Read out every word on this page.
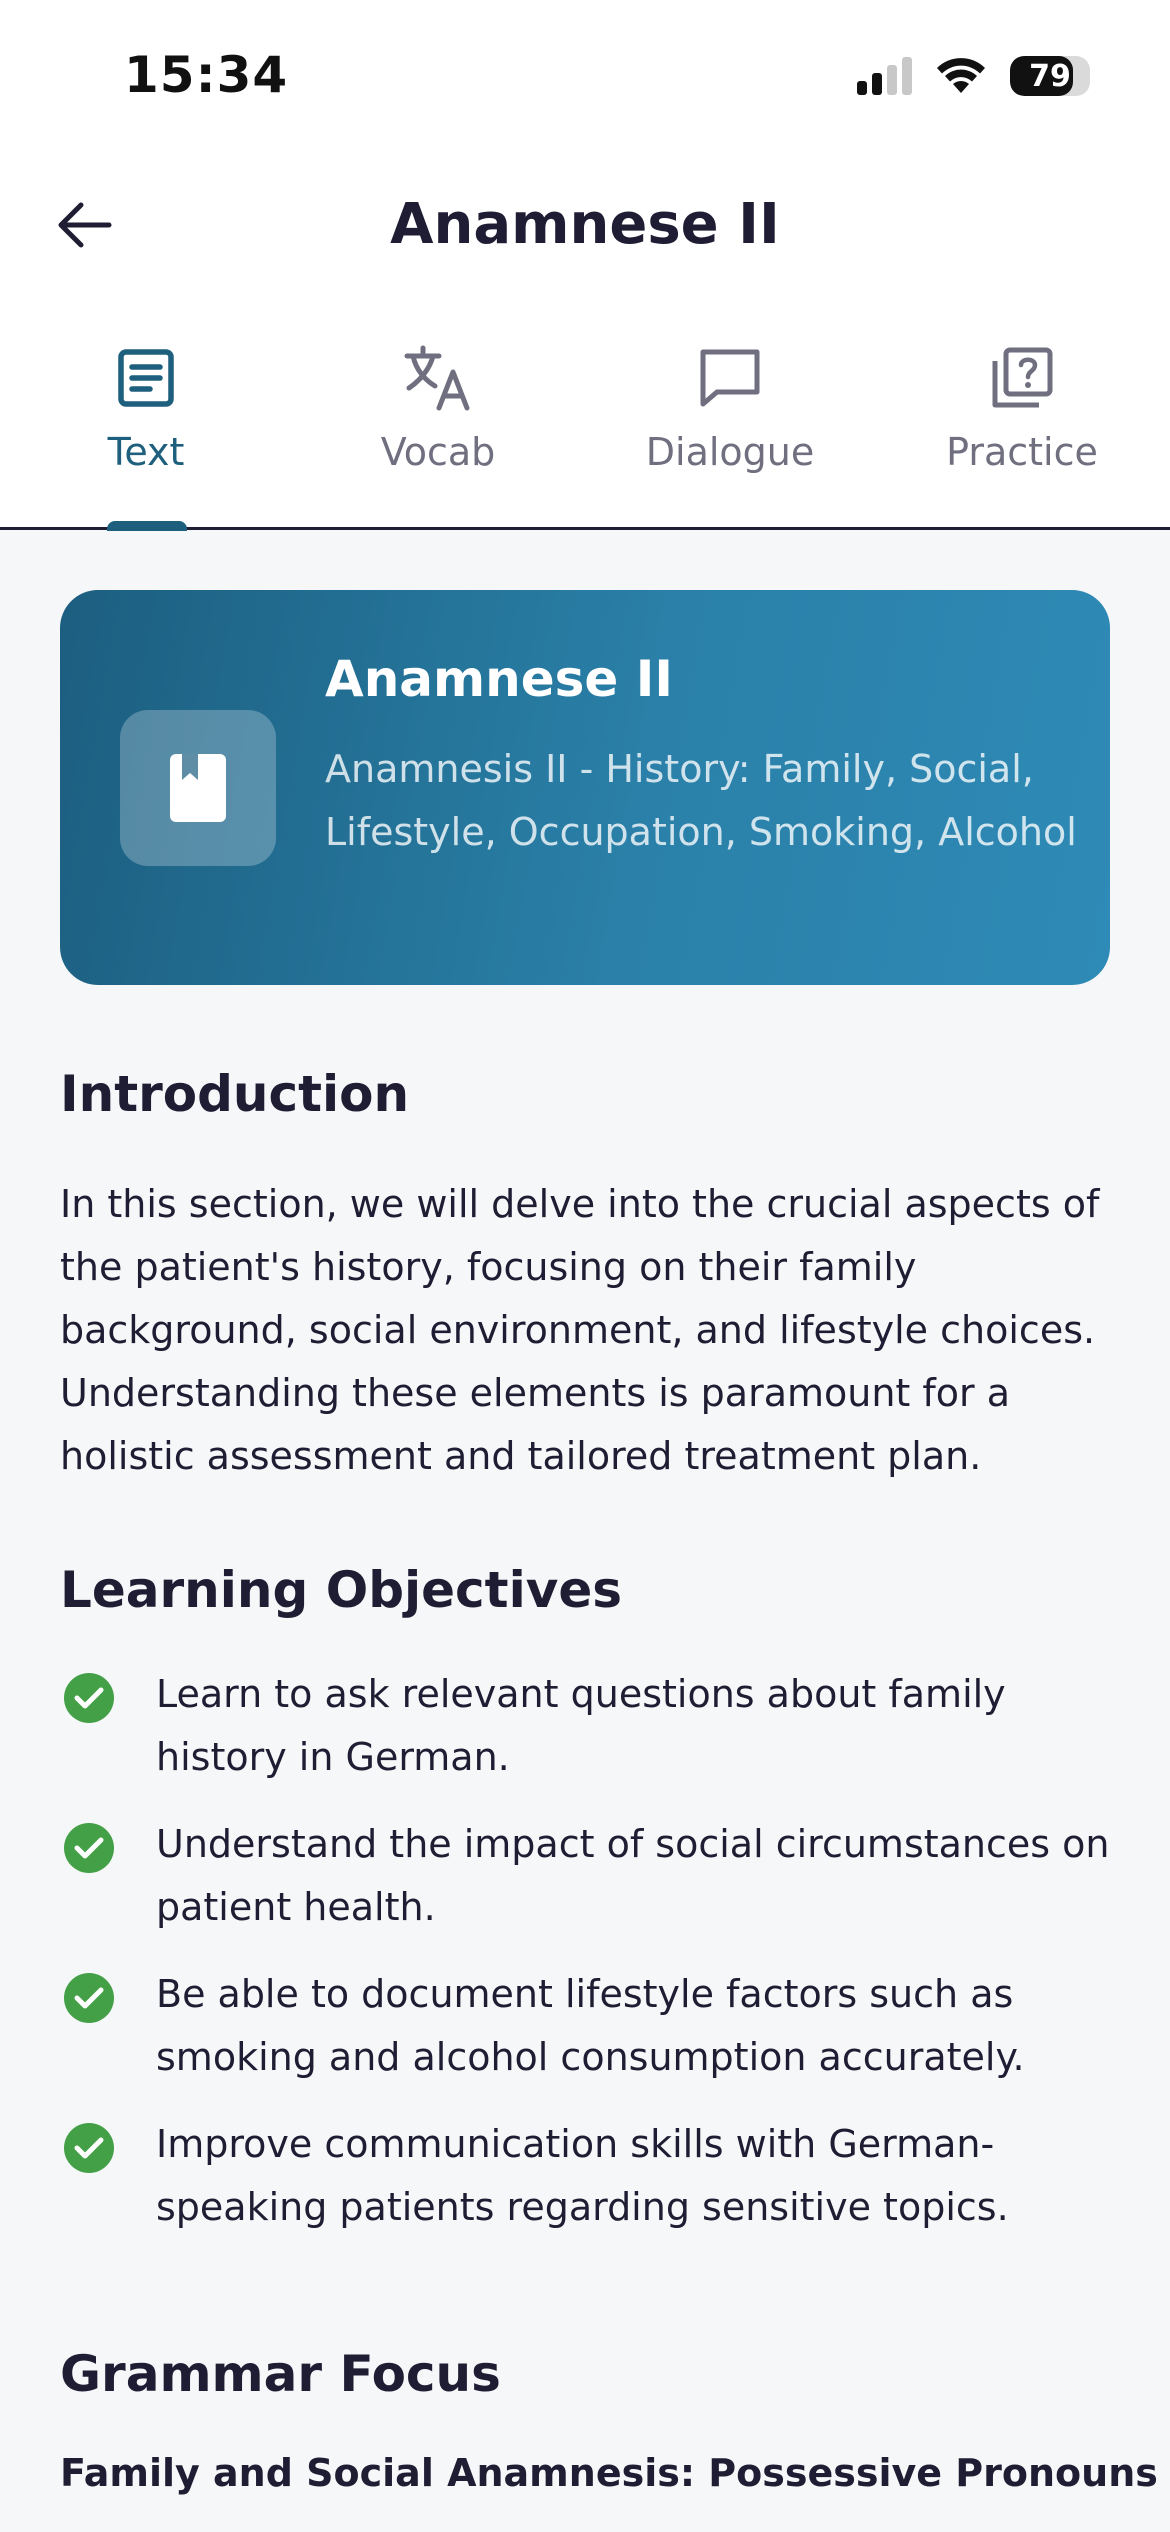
15:34	79
Anamnese II
Text	Vocab	Dialogue	Practice
Anamnese II
Anamnesis II - History: Family, Social, Lifestyle, Occupation, Smoking, Alcohol
Introduction
In this section, we will delve into the crucial aspects of the patient's history, focusing on their family background, social environment, and lifestyle choices. Understanding these elements is paramount for a holistic assessment and tailored treatment plan.
Learning Objectives
Learn to ask relevant questions about family history in German.
Understand the impact of social circumstances on patient health.
Be able to document lifestyle factors such as smoking and alcohol consumption accurately.
Improve communication skills with German-speaking patients regarding sensitive topics.
Grammar Focus
Family and Social Anamnesis: Possessive Pronouns
